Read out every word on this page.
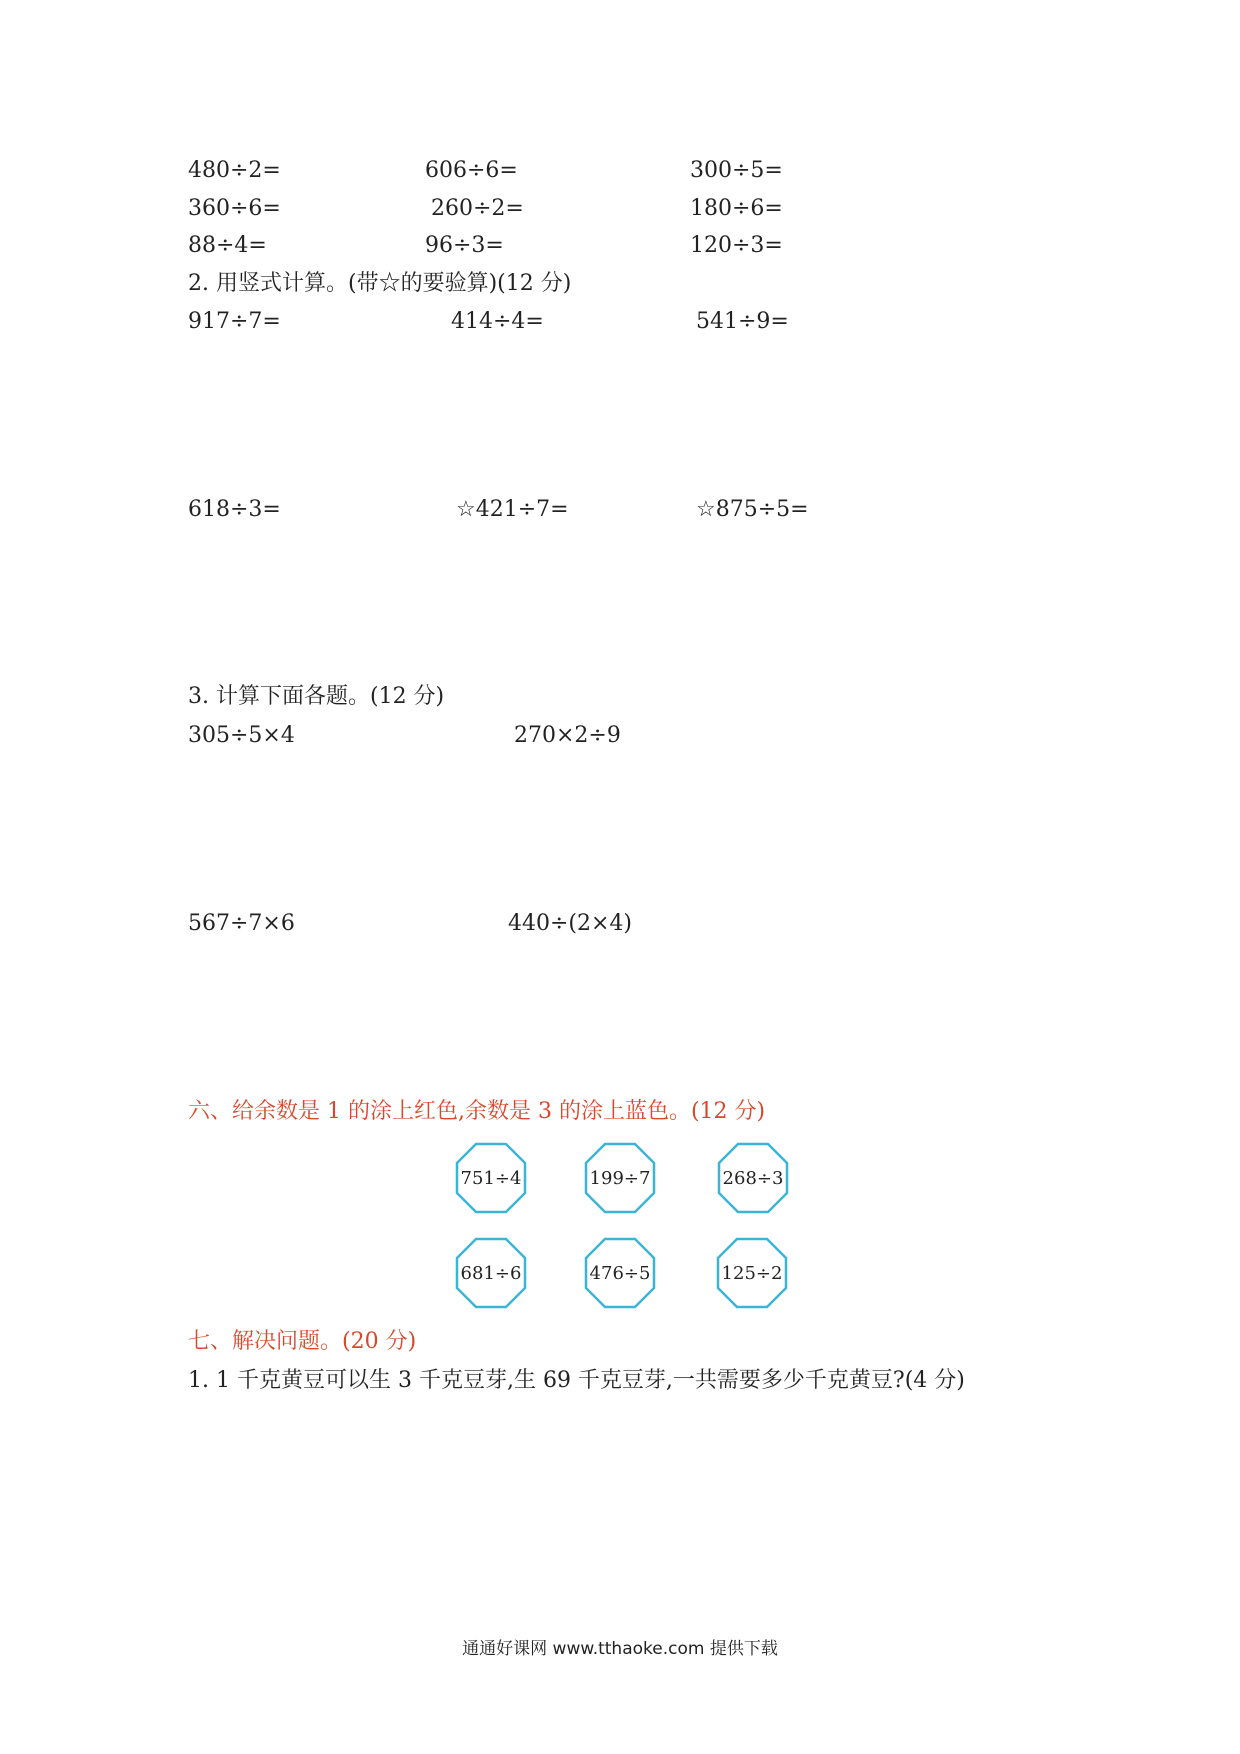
480÷2=	606÷6=	300÷5=
360÷6=	260÷2=	180÷6=
88÷4=	96÷3=	120÷3=
2. 用竖式计算。(带☆的要验算)(12 分)
917÷7=	414÷4=	541÷9=
618÷3=	☆421÷7=	☆875÷5=
3. 计算下面各题。(12 分)
305÷5×4	270×2÷9
567÷7×6	440÷(2×4)
六、给余数是 1 的涂上红色,余数是 3 的涂上蓝色。(12 分)
751÷4	199÷7	268÷3
681÷6	476÷5	125÷2
七、解决问题。(20 分)
1. 1 千克黄豆可以生 3 千克豆芽,生 69 千克豆芽,一共需要多少千克黄豆?(4 分)
通通好课网 www.tthaoke.com 提供下载
